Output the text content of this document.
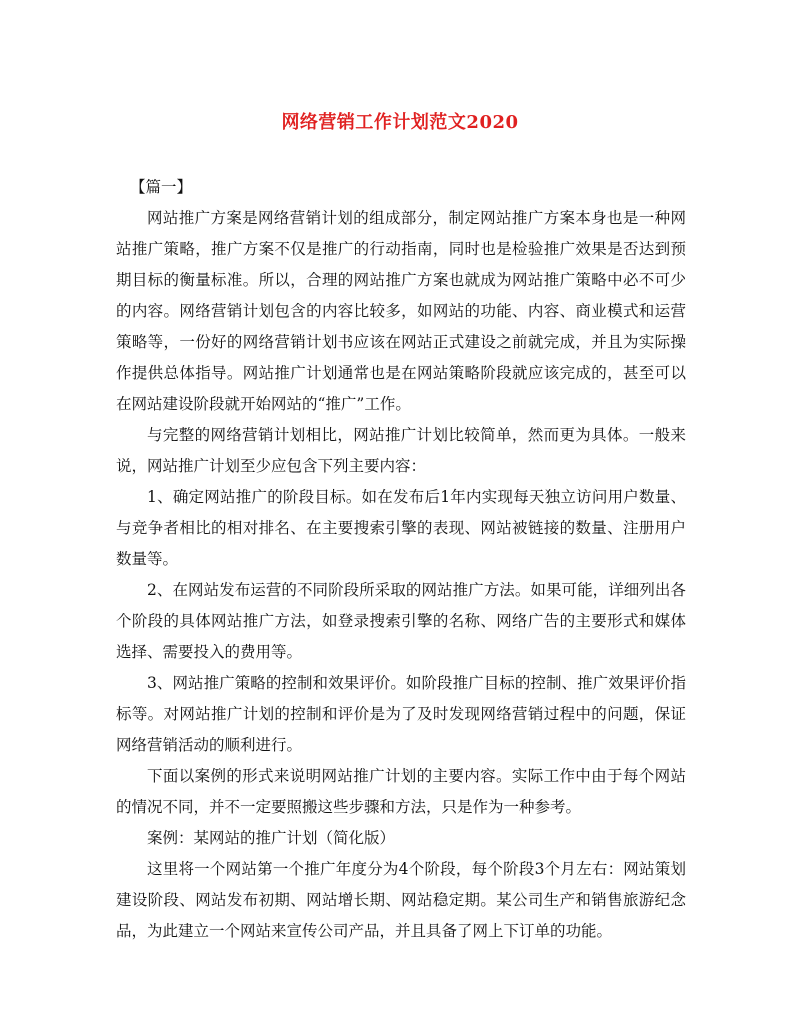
网络营销工作计划范文2020

【篇一】

网站推广方案是网络营销计划的组成部分，制定网站推广方案本身也是一种网站推广策略，推广方案不仅是推广的行动指南，同时也是检验推广效果是否达到预期目标的衡量标准。所以，合理的网站推广方案也就成为网站推广策略中必不可少的内容。网络营销计划包含的内容比较多，如网站的功能、内容、商业模式和运营策略等，一份好的网络营销计划书应该在网站正式建设之前就完成，并且为实际操作提供总体指导。网站推广计划通常也是在网站策略阶段就应该完成的，甚至可以在网站建设阶段就开始网站的“推广”工作。

与完整的网络营销计划相比，网站推广计划比较简单，然而更为具体。一般来说，网站推广计划至少应包含下列主要内容：

1、确定网站推广的阶段目标。如在发布后1年内实现每天独立访问用户数量、与竞争者相比的相对排名、在主要搜索引擎的表现、网站被链接的数量、注册用户数量等。

2、在网站发布运营的不同阶段所采取的网站推广方法。如果可能，详细列出各个阶段的具体网站推广方法，如登录搜索引擎的名称、网络广告的主要形式和媒体选择、需要投入的费用等。

3、网站推广策略的控制和效果评价。如阶段推广目标的控制、推广效果评价指标等。对网站推广计划的控制和评价是为了及时发现网络营销过程中的问题，保证网络营销活动的顺利进行。

下面以案例的形式来说明网站推广计划的主要内容。实际工作中由于每个网站的情况不同，并不一定要照搬这些步骤和方法，只是作为一种参考。

案例：某网站的推广计划（简化版）

这里将一个网站第一个推广年度分为4个阶段，每个阶段3个月左右：网站策划建设阶段、网站发布初期、网站增长期、网站稳定期。某公司生产和销售旅游纪念品，为此建立一个网站来宣传公司产品，并且具备了网上下订单的功能。
